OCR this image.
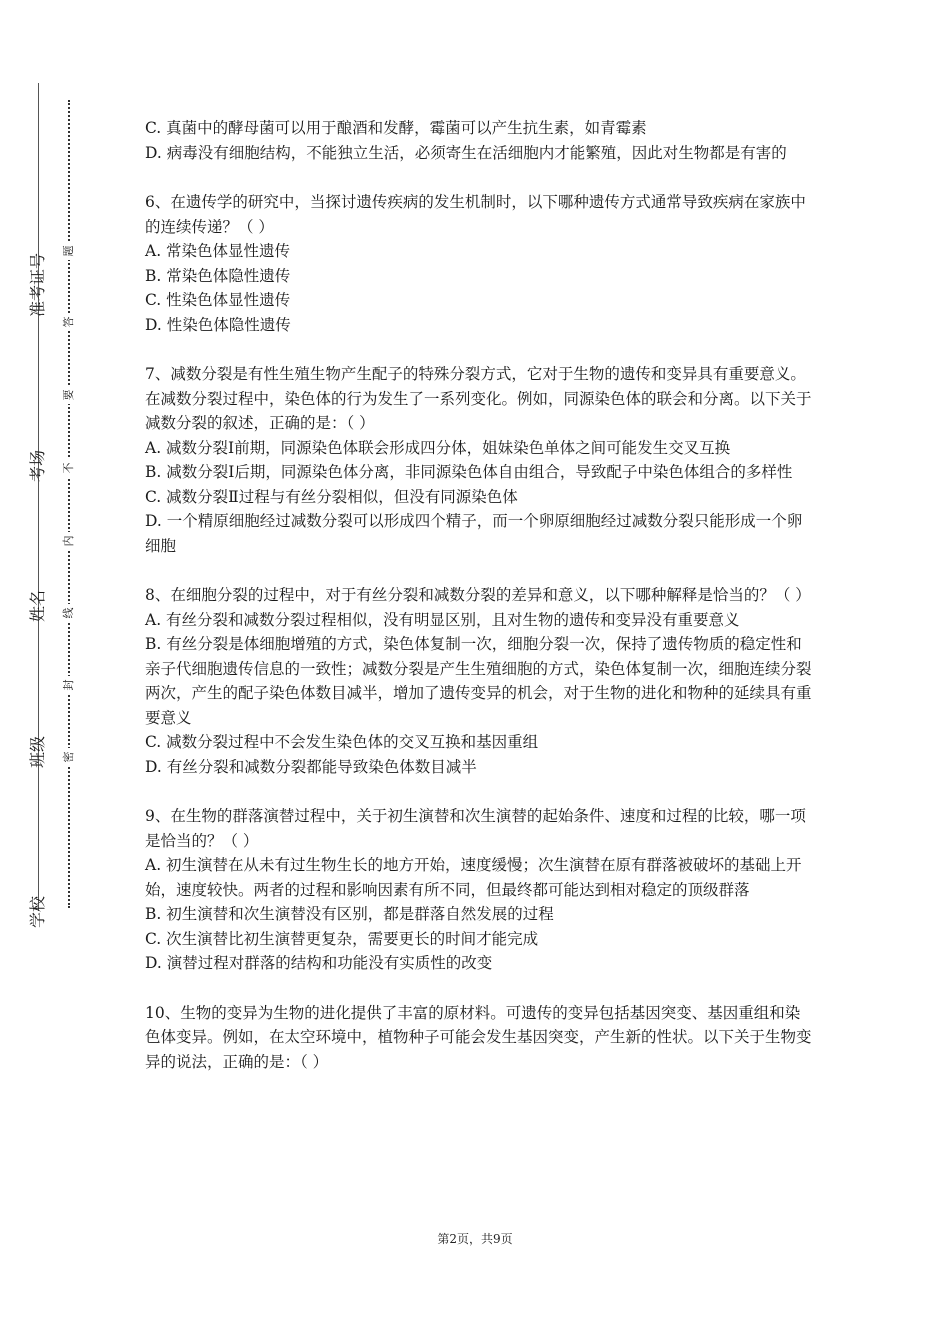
准考证号
考场
姓名
班级
学校
题
答
要
不
内
线
封
密

C. 真菌中的酵母菌可以用于酿酒和发酵，霉菌可以产生抗生素，如青霉素

D. 病毒没有细胞结构，不能独立生活，必须寄生在活细胞内才能繁殖，因此对生物都是有害的

6、在遗传学的研究中，当探讨遗传疾病的发生机制时，以下哪种遗传方式通常导致疾病在家族中的连续传递？（ ）

A. 常染色体显性遗传

B. 常染色体隐性遗传

C. 性染色体显性遗传

D. 性染色体隐性遗传

7、减数分裂是有性生殖生物产生配子的特殊分裂方式，它对于生物的遗传和变异具有重要意义。在减数分裂过程中，染色体的行为发生了一系列变化。例如，同源染色体的联会和分离。以下关于减数分裂的叙述，正确的是：（ ）

A. 减数分裂Ⅰ前期，同源染色体联会形成四分体，姐妹染色单体之间可能发生交叉互换

B. 减数分裂Ⅰ后期，同源染色体分离，非同源染色体自由组合，导致配子中染色体组合的多样性

C. 减数分裂Ⅱ过程与有丝分裂相似，但没有同源染色体

D. 一个精原细胞经过减数分裂可以形成四个精子，而一个卵原细胞经过减数分裂只能形成一个卵细胞

8、在细胞分裂的过程中，对于有丝分裂和减数分裂的差异和意义，以下哪种解释是恰当的？（ ）

A. 有丝分裂和减数分裂过程相似，没有明显区别，且对生物的遗传和变异没有重要意义

B. 有丝分裂是体细胞增殖的方式，染色体复制一次，细胞分裂一次，保持了遗传物质的稳定性和亲子代细胞遗传信息的一致性；减数分裂是产生生殖细胞的方式，染色体复制一次，细胞连续分裂两次，产生的配子染色体数目减半，增加了遗传变异的机会，对于生物的进化和物种的延续具有重要意义

C. 减数分裂过程中不会发生染色体的交叉互换和基因重组

D. 有丝分裂和减数分裂都能导致染色体数目减半

9、在生物的群落演替过程中，关于初生演替和次生演替的起始条件、速度和过程的比较，哪一项是恰当的？（ ）

A. 初生演替在从未有过生物生长的地方开始，速度缓慢；次生演替在原有群落被破坏的基础上开始，速度较快。两者的过程和影响因素有所不同，但最终都可能达到相对稳定的顶级群落

B. 初生演替和次生演替没有区别，都是群落自然发展的过程

C. 次生演替比初生演替更复杂，需要更长的时间才能完成

D. 演替过程对群落的结构和功能没有实质性的改变

10、生物的变异为生物的进化提供了丰富的原材料。可遗传的变异包括基因突变、基因重组和染色体变异。例如，在太空环境中，植物种子可能会发生基因突变，产生新的性状。以下关于生物变异的说法，正确的是：（ ）

第2页，共9页
